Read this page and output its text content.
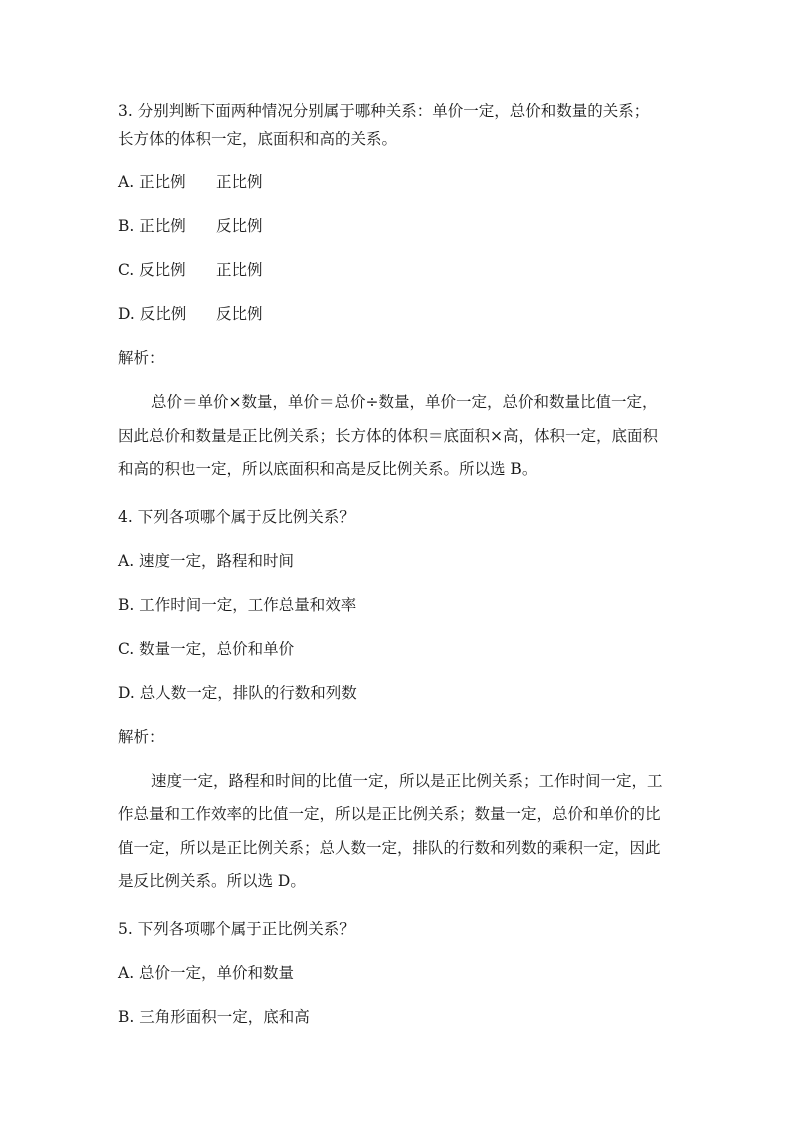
3. 分别判断下面两种情况分别属于哪种关系：单价一定，总价和数量的关系；
长方体的体积一定，底面积和高的关系。
A. 正比例 正比例
B. 正比例 反比例
C. 反比例 正比例
D. 反比例 反比例
解析：
总价＝单价×数量，单价＝总价÷数量，单价一定，总价和数量比值一定，
因此总价和数量是正比例关系；长方体的体积＝底面积×高，体积一定，底面积
和高的积也一定，所以底面积和高是反比例关系。所以选 B。
4. 下列各项哪个属于反比例关系？
A. 速度一定，路程和时间
B. 工作时间一定，工作总量和效率
C. 数量一定，总价和单价
D. 总人数一定，排队的行数和列数
解析：
速度一定，路程和时间的比值一定，所以是正比例关系；工作时间一定，工
作总量和工作效率的比值一定，所以是正比例关系；数量一定，总价和单价的比
值一定，所以是正比例关系；总人数一定，排队的行数和列数的乘积一定，因此
是反比例关系。所以选 D。
5. 下列各项哪个属于正比例关系？
A. 总价一定，单价和数量
B. 三角形面积一定，底和高
